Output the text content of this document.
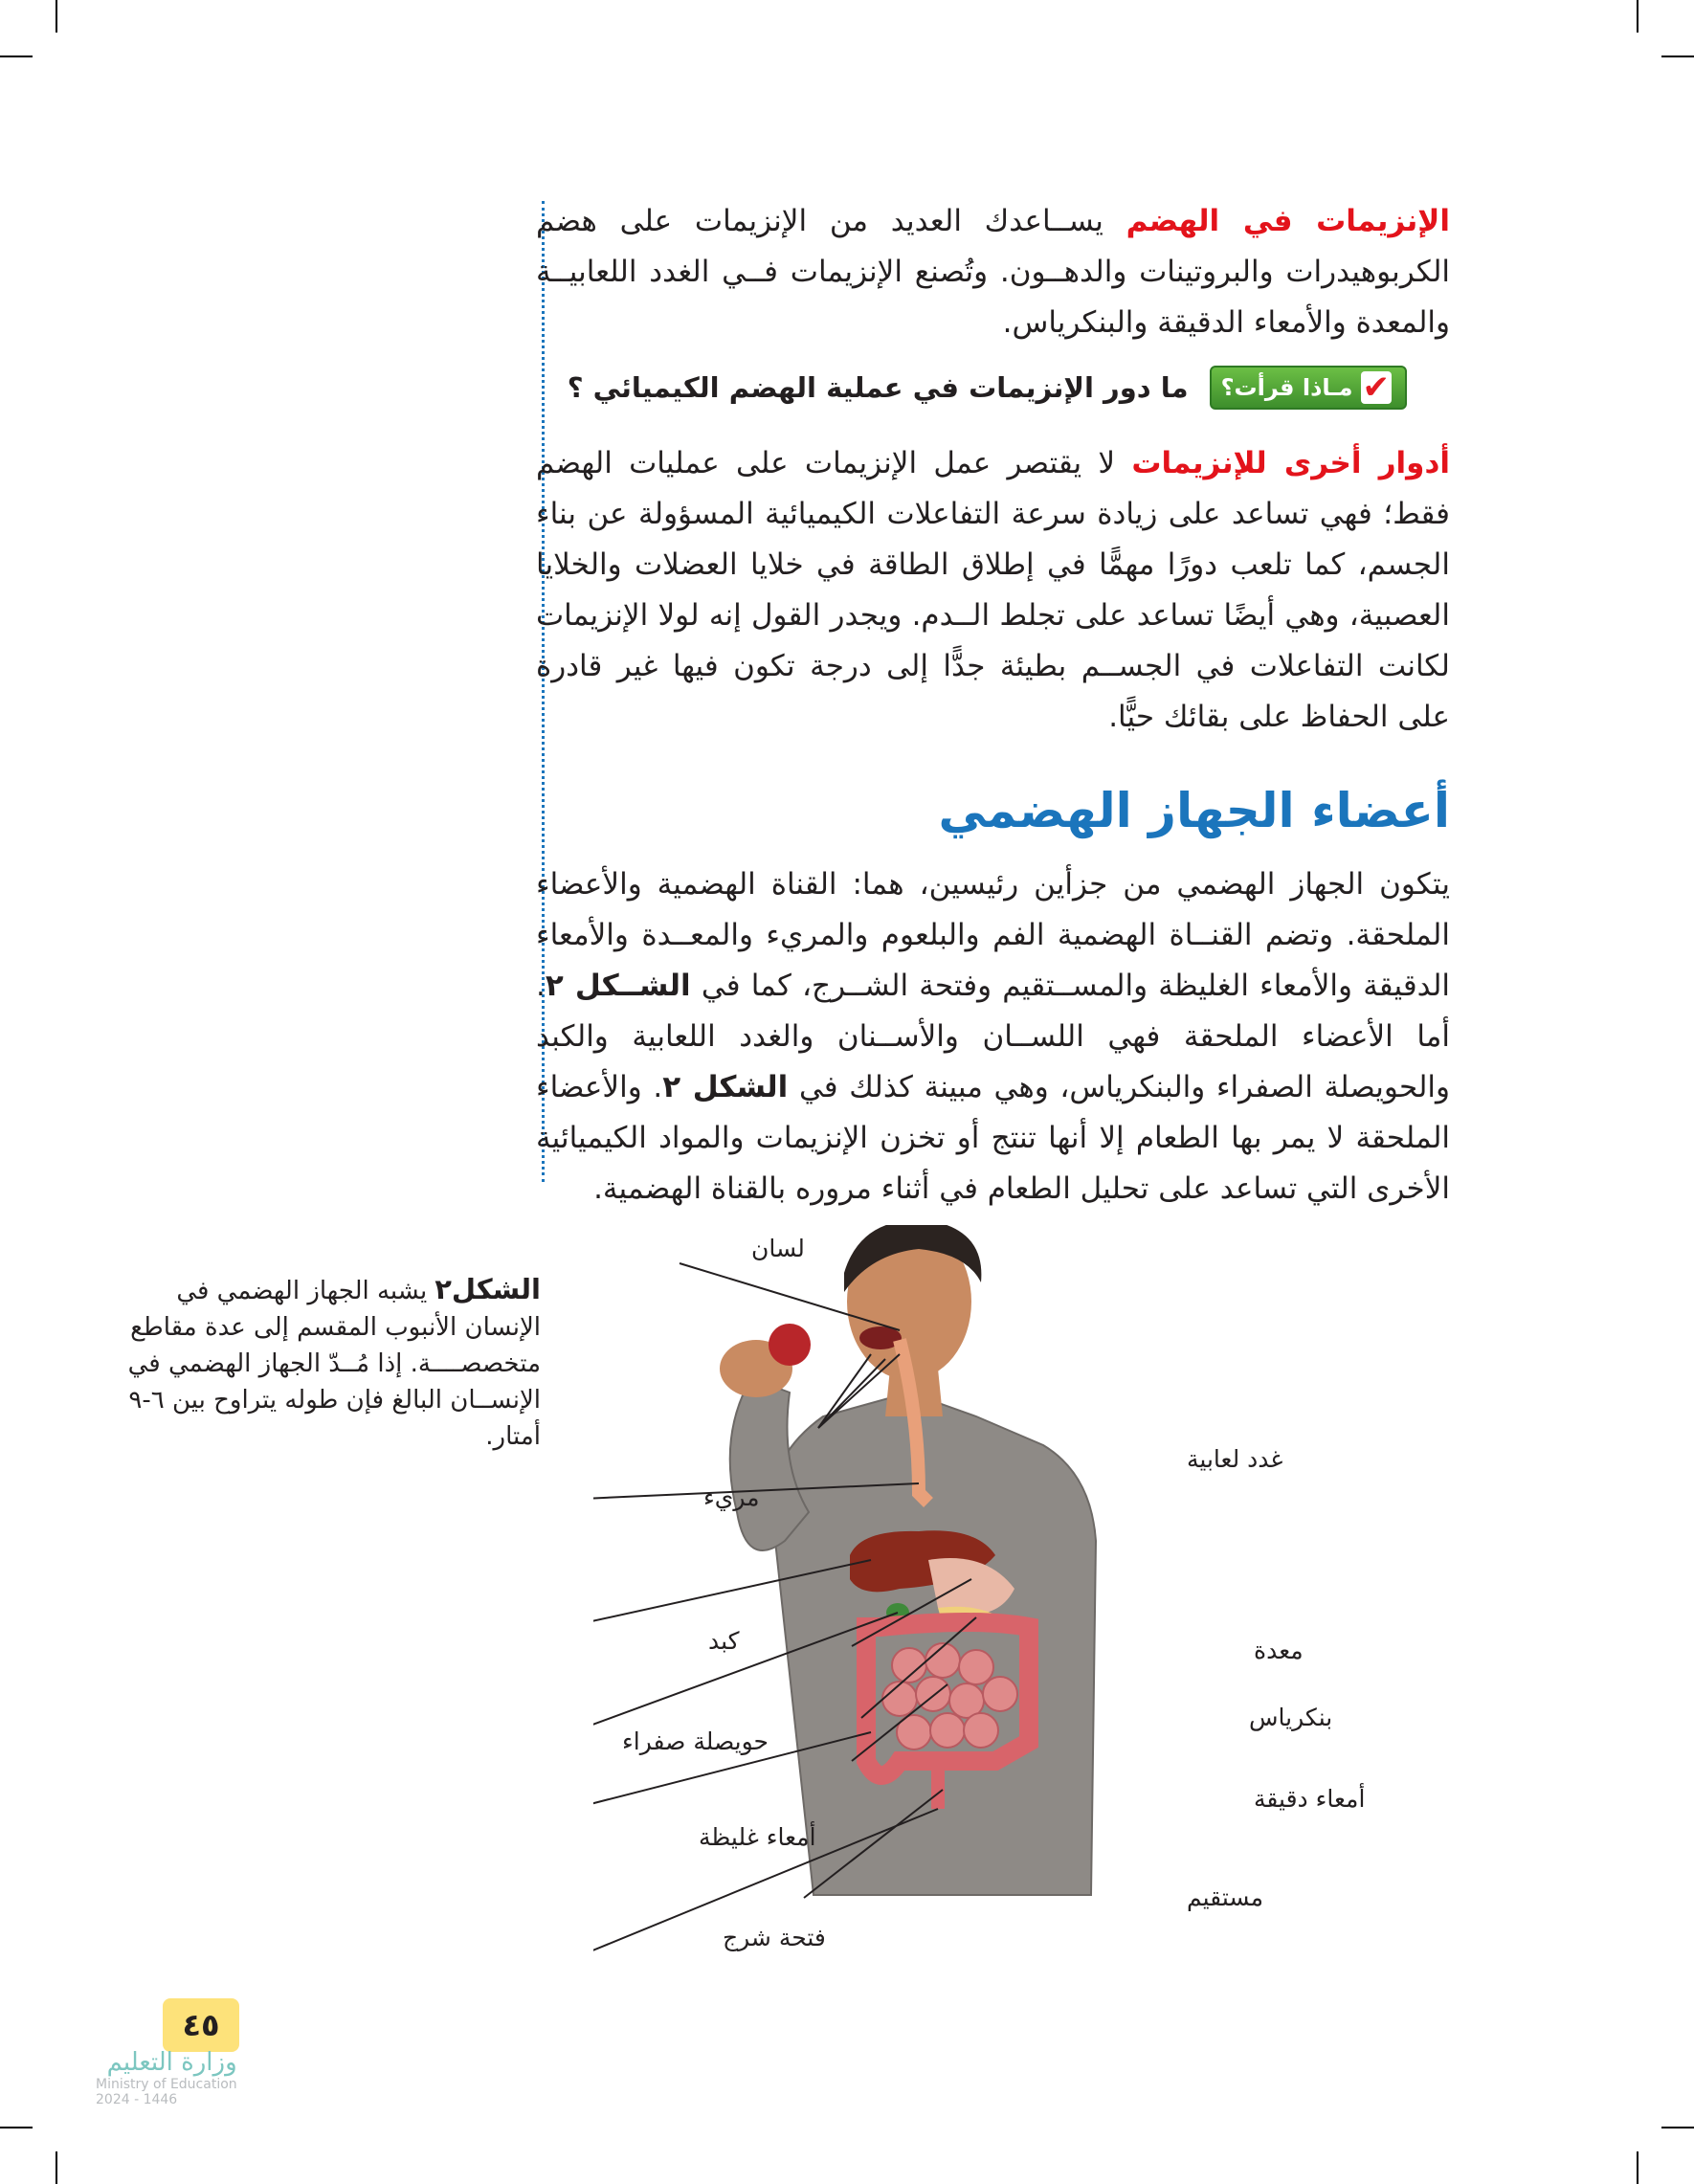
الإنزيمات في الهضم يســاعدك العديد من الإنزيمات على هضم الكربوهيدرات والبروتينات والدهــون. وتُصنع الإنزيمات فــي الغدد اللعابيــة والمعدة والأمعاء الدقيقة والبنكرياس.

✔
مـاذا قرأت؟
ما دور الإنزيمات في عملية الهضم الكيميائي ؟

أدوار أخرى للإنزيمات لا يقتصر عمل الإنزيمات على عمليات الهضم فقط؛ فهي تساعد على زيادة سرعة التفاعلات الكيميائية المسؤولة عن بناء الجسم، كما تلعب دورًا مهمًّا في إطلاق الطاقة في خلايا العضلات والخلايا العصبية، وهي أيضًا تساعد على تجلط الــدم. ويجدر القول إنه لولا الإنزيمات لكانت التفاعلات في الجســم بطيئة جدًّا إلى درجة تكون فيها غير قادرة على الحفاظ على بقائك حيًّا.

أعضاء الجهاز الهضمي

يتكون الجهاز الهضمي من جزأين رئيسين، هما: القناة الهضمية والأعضاء الملحقة. وتضم القنــاة الهضمية الفم والبلعوم والمريء والمعــدة والأمعاء الدقيقة والأمعاء الغليظة والمســتقيم وفتحة الشــرج، كما في الشــكل ٢. أما الأعضاء الملحقة فهي اللســان والأســنان والغدد اللعابية والكبد والحويصلة الصفراء والبنكرياس، وهي مبينة كذلك في الشكل ٢. والأعضاء الملحقة لا يمر بها الطعام إلا أنها تنتج أو تخزن الإنزيمات والمواد الكيميائية الأخرى التي تساعد على تحليل الطعام في أثناء مروره بالقناة الهضمية.

الشكل٢يشبه الجهاز الهضمي في الإنسان الأنبوب المقسم إلى عدة مقاطع متخصصــــة. إذا مُــدّ الجهاز الهضمي في الإنســان البالغ فإن طوله يتراوح بين ٦-٩ أمتار.
لسان
غدد لعابية
مريء
كبد	معدة
حويصلة صفراء
بنكرياس
أمعاء دقيقة
أمعاء غليظة
مستقيم
فتحة شرج
٤٥
وزارة التعليم
Ministry of Education
2024 - 1446
